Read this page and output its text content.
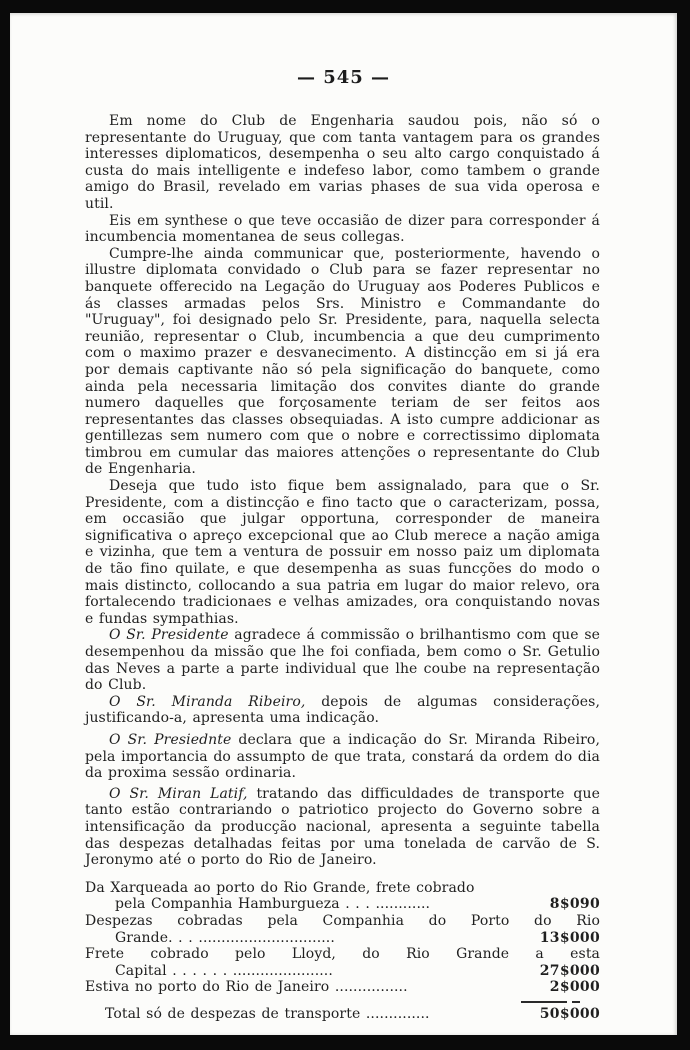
— 545 —

Em nome do Club de Engenharia saudou pois, não só o representante do Uruguay, que com tanta vantagem para os grandes interesses diplomaticos, desempenha o seu alto cargo conquistado á custa do mais intelligente e indefeso labor, como tambem o grande amigo do Brasil, revelado em varias phases de sua vida operosa e util.

Eis em synthese o que teve occasião de dizer para corresponder á incumbencia momentanea de seus collegas.

Cumpre-lhe ainda communicar que, posteriormente, havendo o illustre diplomata convidado o Club para se fazer representar no banquete offerecido na Legação do Uruguay aos Poderes Publicos e ás classes armadas pelos Srs. Ministro e Commandante do "Uruguay", foi designado pelo Sr. Presidente, para, naquella selecta reunião, representar o Club, incumbencia a que deu cumprimento com o maximo prazer e desvanecimento. A distincção em si já era por demais captivante não só pela significação do banquete, como ainda pela necessaria limitação dos convites diante do grande numero daquelles que forçosamente teriam de ser feitos aos representantes das classes obsequiadas. A isto cumpre addicionar as gentillezas sem numero com que o nobre e correctissimo diplomata timbrou em cumular das maiores attenções o representante do Club de Engenharia.

Deseja que tudo isto fique bem assignalado, para que o Sr. Presidente, com a distincção e fino tacto que o caracterizam, possa, em occasião que julgar opportuna, corresponder de maneira significativa o apreço excepcional que ao Club merece a nação amiga e vizinha, que tem a ventura de possuir em nosso paiz um diplomata de tão fino quilate, e que desempenha as suas funcções do modo o mais distincto, collocando a sua patria em lugar do maior relevo, ora fortalecendo tradicionaes e velhas amizades, ora conquistando novas e fundas sympathias.

O Sr. Presidente agradece á commissão o brilhantismo com que se desempenhou da missão que lhe foi confiada, bem como o Sr. Getulio das Neves a parte a parte individual que lhe coube na representação do Club.

O Sr. Miranda Ribeiro, depois de algumas considerações, justificando-a, apresenta uma indicação.

O Sr. Presiednte declara que a indicação do Sr. Miranda Ribeiro, pela importancia do assumpto de que trata, constará da ordem do dia da proxima sessão ordinaria.

O Sr. Miran Latif, tratando das difficuldades de transporte que tanto estão contrariando o patriotico projecto do Governo sobre a intensificação da producção nacional, apresenta a seguinte tabella das despezas detalhadas feitas por uma tonelada de carvão de S. Jeronymo até o porto do Rio de Janeiro.

Da Xarqueada ao porto do Rio Grande, frete cobrado
pela Companhia Hamburgueza . . . ............	8$090
Despezas cobradas pela Companhia do Porto do Rio
Grande. . . ..............................	13$000
Frete cobrado pelo Lloyd, do Rio Grande a esta
Capital . . . . . . ......................	27$000
Estiva no porto do Rio de Janeiro ................	2$000
Total só de despezas de transporte ..............	50$000
